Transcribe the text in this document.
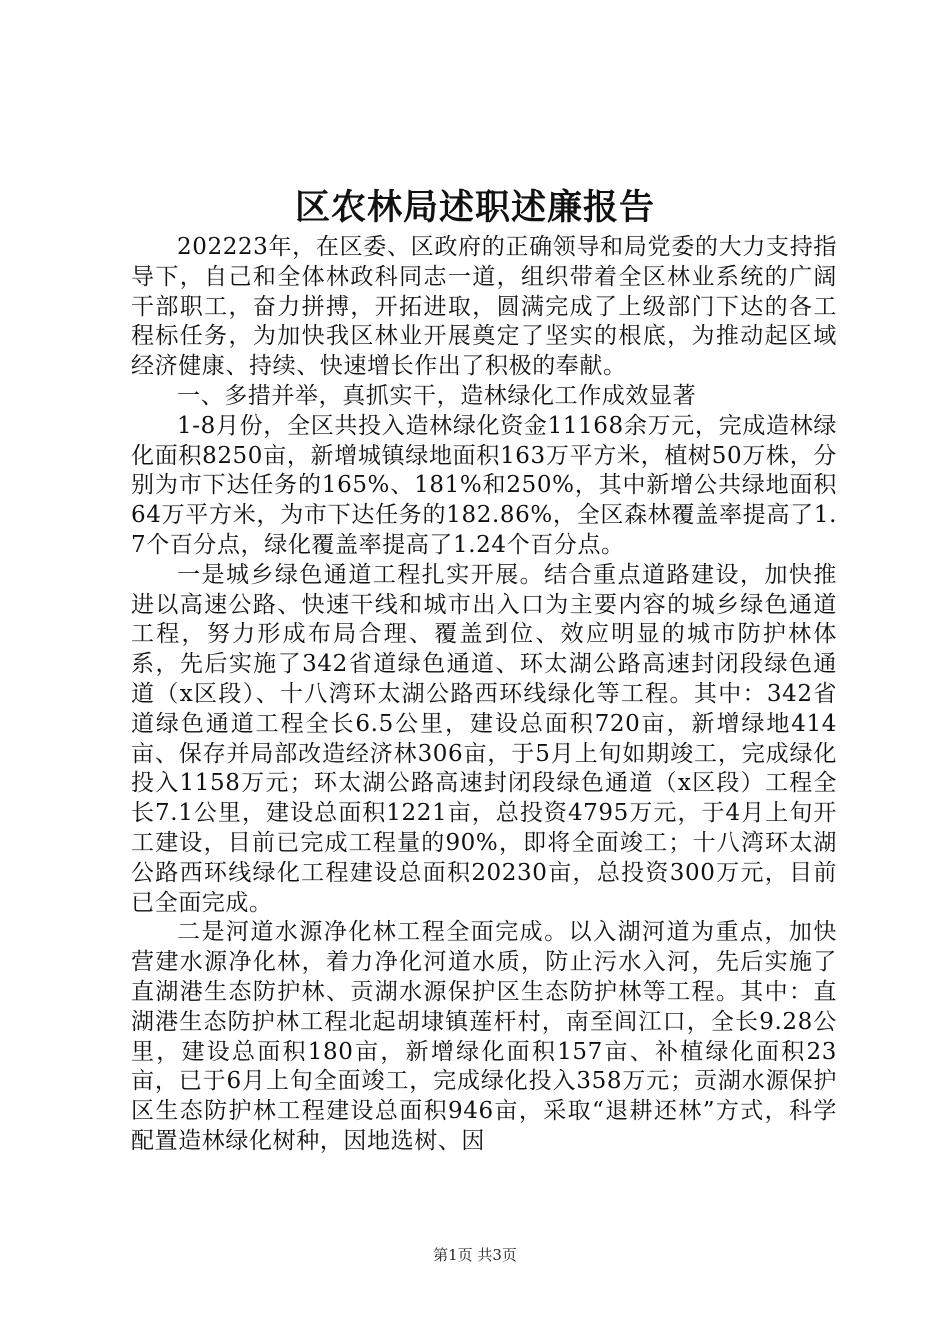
区农林局述职述廉报告

202223年，在区委、区政府的正确领导和局党委的大力支持指导下，自己和全体林政科同志一道，组织带着全区林业系统的广阔干部职工，奋力拼搏，开拓进取，圆满完成了上级部门下达的各工程标任务，为加快我区林业开展奠定了坚实的根底，为推动起区域经济健康、持续、快速增长作出了积极的奉献。

一、多措并举，真抓实干，造林绿化工作成效显著

1-8月份，全区共投入造林绿化资金11168余万元，完成造林绿化面积8250亩，新增城镇绿地面积163万平方米，植树50万株，分别为市下达任务的165%、181%和250%，其中新增公共绿地面积64万平方米，为市下达任务的182.86%，全区森林覆盖率提高了1.7个百分点，绿化覆盖率提高了1.24个百分点。

一是城乡绿色通道工程扎实开展。结合重点道路建设，加快推进以高速公路、快速干线和城市出入口为主要内容的城乡绿色通道工程，努力形成布局合理、覆盖到位、效应明显的城市防护林体系，先后实施了342省道绿色通道、环太湖公路高速封闭段绿色通道（x区段）、十八湾环太湖公路西环线绿化等工程。其中：342省道绿色通道工程全长6.5公里，建设总面积720亩，新增绿地414亩、保存并局部改造经济林306亩，于5月上旬如期竣工，完成绿化投入1158万元；环太湖公路高速封闭段绿色通道（x区段）工程全长7.1公里，建设总面积1221亩，总投资4795万元，于4月上旬开工建设，目前已完成工程量的90%，即将全面竣工；十八湾环太湖公路西环线绿化工程建设总面积20230亩，总投资300万元，目前已全面完成。

二是河道水源净化林工程全面完成。以入湖河道为重点，加快营建水源净化林，着力净化河道水质，防止污水入河，先后实施了直湖港生态防护林、贡湖水源保护区生态防护林等工程。其中：直湖港生态防护林工程北起胡埭镇莲杆村，南至闾江口，全长9.28公里，建设总面积180亩，新增绿化面积157亩、补植绿化面积23亩，已于6月上旬全面竣工，完成绿化投入358万元；贡湖水源保护区生态防护林工程建设总面积946亩，采取“退耕还林”方式，科学配置造林绿化树种，因地选树、因

第1页 共3页
